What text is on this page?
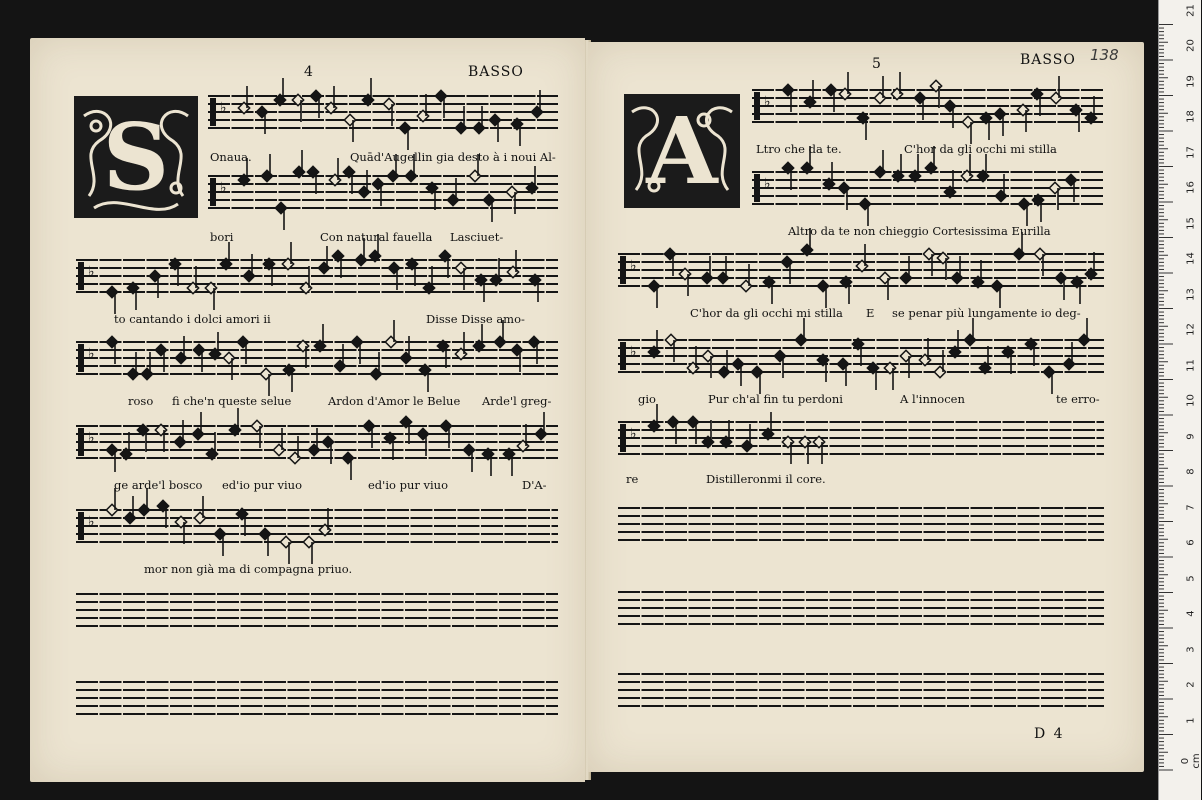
4	BASSO
S	♭
♭
♭
♭
♭
♭
Onaua.	Quād'Augellin gia desto à i noui Al-
bori	Con natural fauella Lasciuet-
to cantando i dolci amori ii	Disse Disse amo-
roso fi che'n queste selue	Ardon d'Amor le Belue Arde'l greg-
ge arde'l bosco ed'io pur viuo	ed'io pur viuo	D'A-
mor non già ma di compagna priuo.
5	BASSO 138
A	♭
♭
♭
♭
♭
Ltro che da te.	C'hor da gli occhi mi stilla
Altro da te non chieggio Cortesissima Eurilla
C'hor da gli occhi mi stilla E se penar più lungamente io deg-
gio	Pur ch'al fin tu perdoni	A l'innocen	te erro-
re	Distilleronmi il core.
D 4
21
20
19
18
17
16
15
14
13
12
11
10
9
8
7
6
5
4
3
2
1
0 cm
